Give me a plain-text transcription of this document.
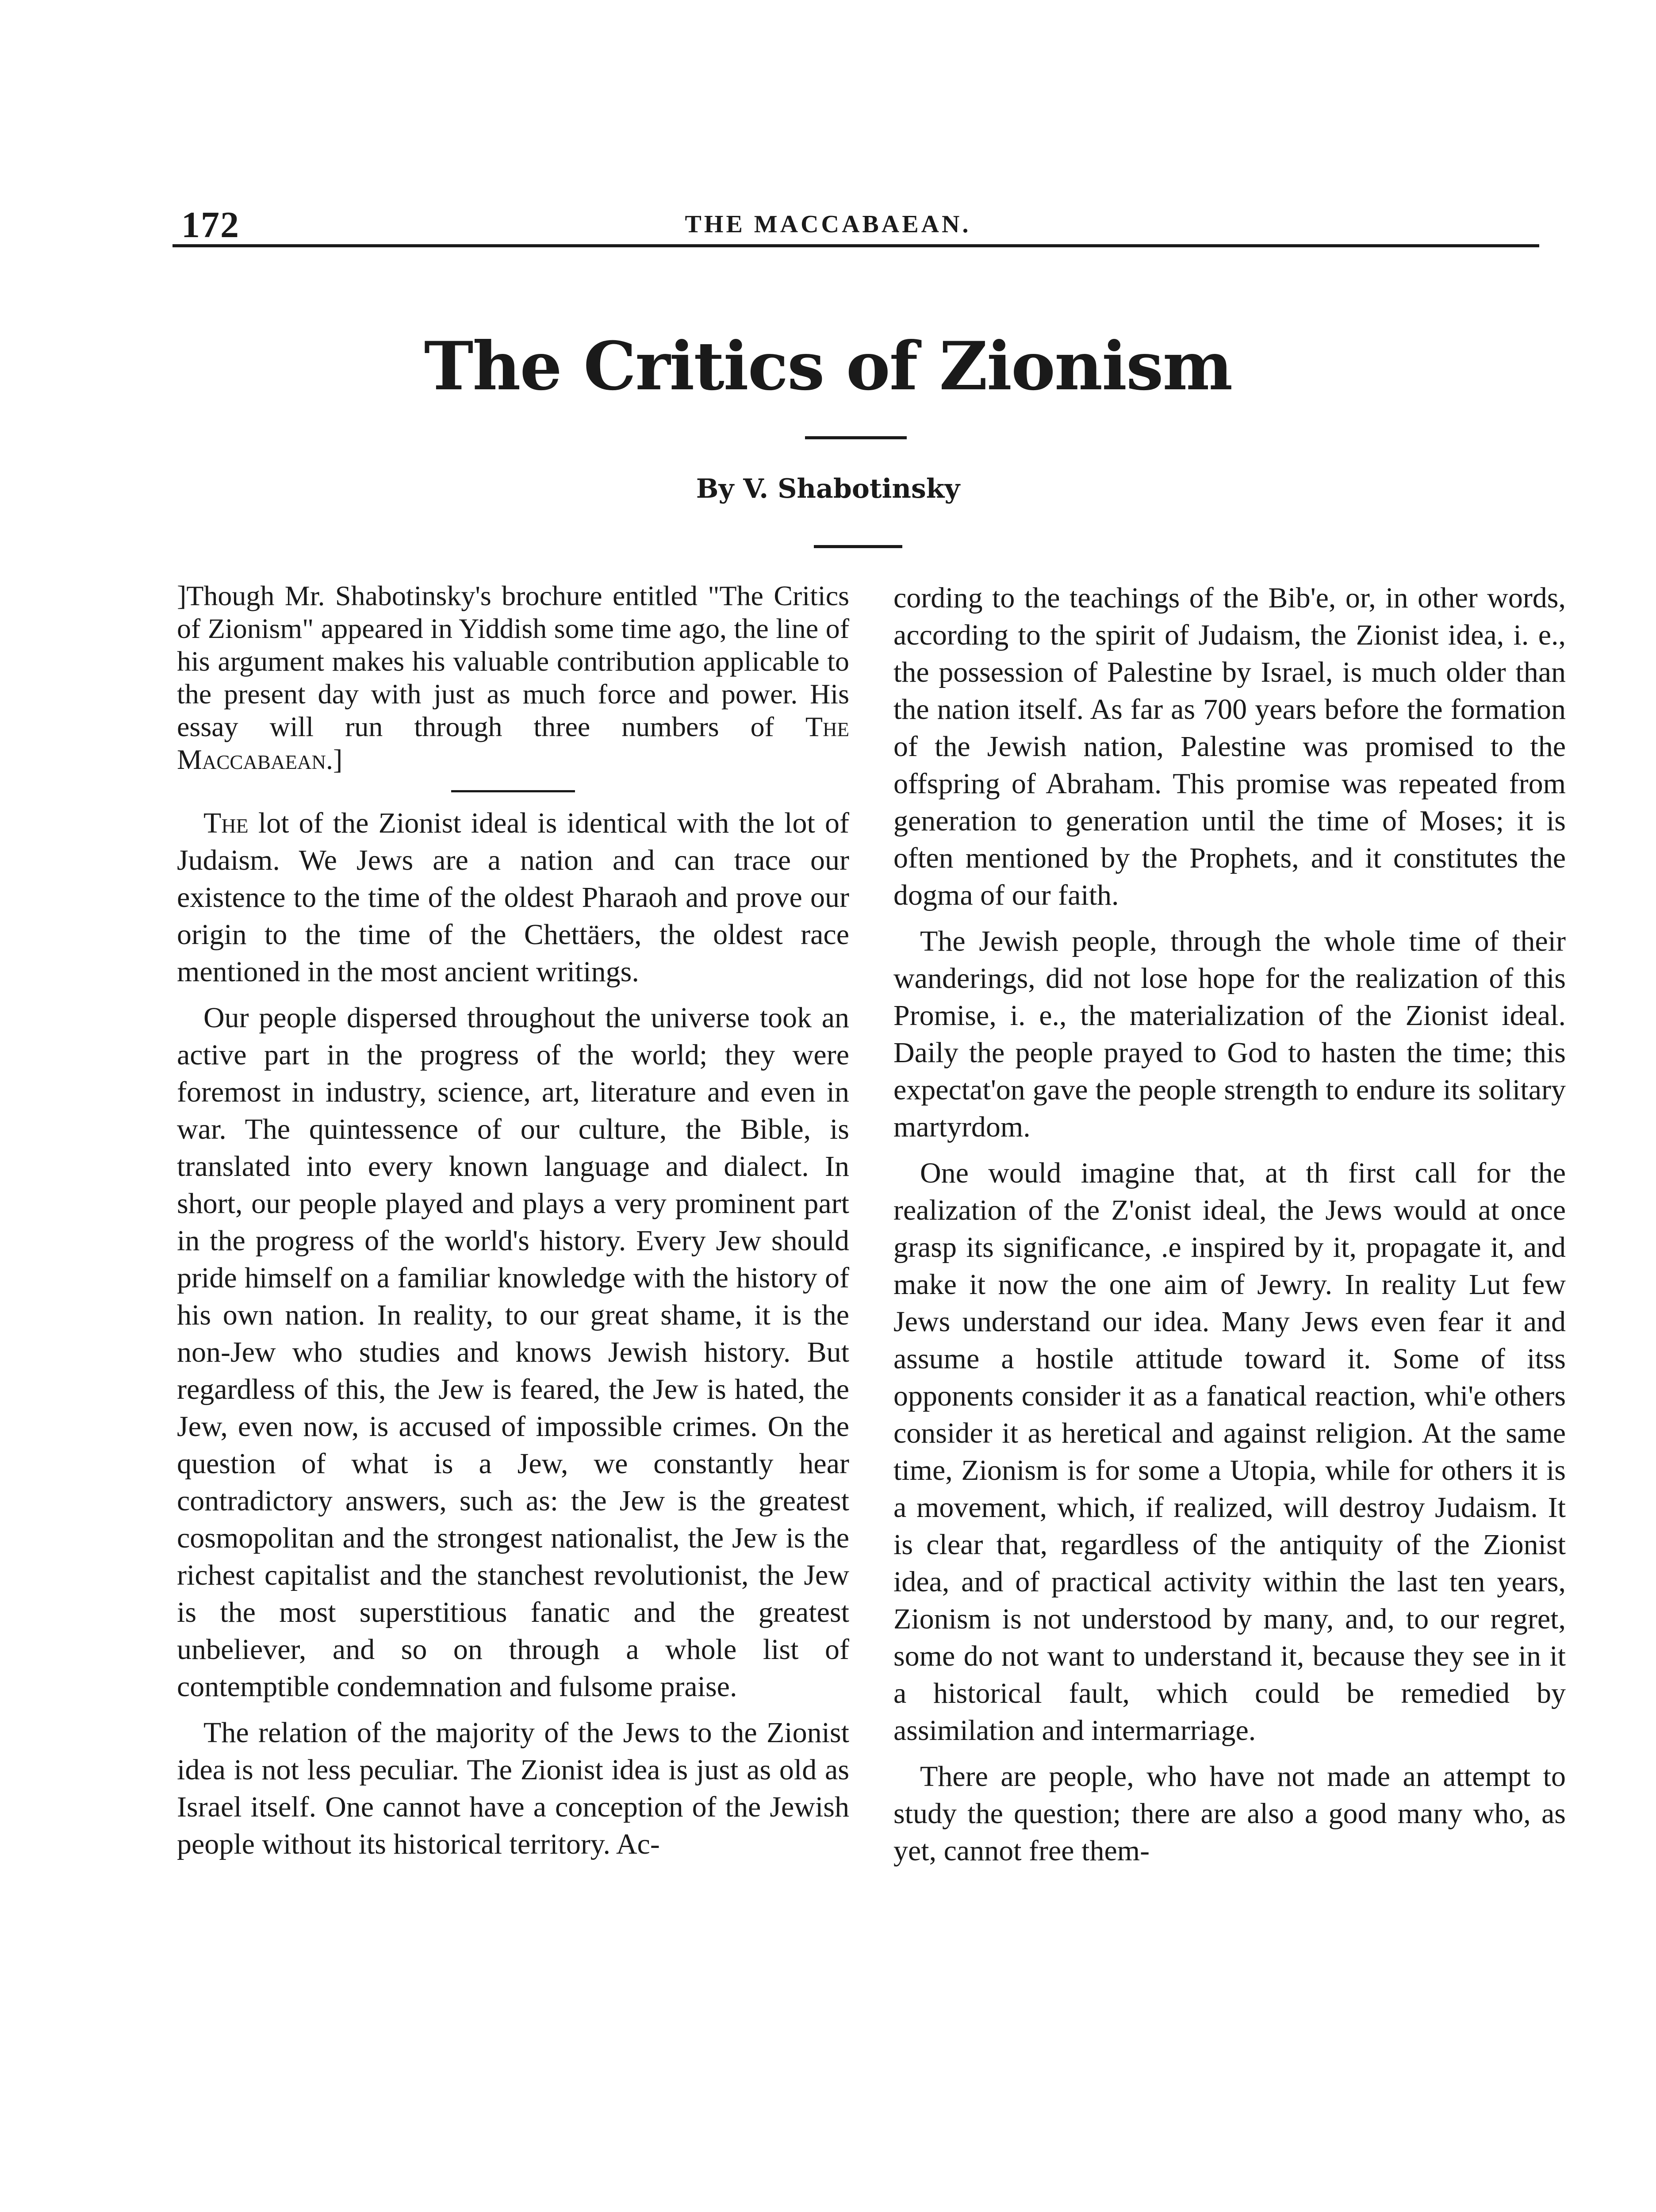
172	THE MACCABAEAN.
The Critics of Zionism
By V. Shabotinsky

]Though Mr. Shabotinsky's brochure entitled "The Critics of Zionism" appeared in Yiddish some time ago, the line of his argument makes his valuable contribution applicable to the present day with just as much force and power. His essay will run through three numbers of The Maccabaean.]

The lot of the Zionist ideal is identical with the lot of Judaism. We Jews are a nation and can trace our existence to the time of the oldest Pharaoh and prove our origin to the time of the Chettäers, the oldest race mentioned in the most ancient writings.

Our people dispersed throughout the universe took an active part in the progress of the world; they were foremost in industry, science, art, literature and even in war. The quintessence of our culture, the Bible, is translated into every known language and dialect. In short, our people played and plays a very prominent part in the progress of the world's history. Every Jew should pride himself on a familiar knowledge with the history of his own nation. In reality, to our great shame, it is the non-Jew who studies and knows Jewish history. But regardless of this, the Jew is feared, the Jew is hated, the Jew, even now, is accused of impossible crimes. On the question of what is a Jew, we constantly hear contradictory answers, such as: the Jew is the greatest cosmopolitan and the strongest nationalist, the Jew is the richest capitalist and the stanchest revolutionist, the Jew is the most superstitious fanatic and the greatest unbeliever, and so on through a whole list of contemptible condemnation and fulsome praise.

The relation of the majority of the Jews to the Zionist idea is not less peculiar. The Zionist idea is just as old as Israel itself. One cannot have a conception of the Jewish people without its historical territory. Ac-

cording to the teachings of the Bib'e, or, in other words, according to the spirit of Judaism, the Zionist idea, i. e., the possession of Palestine by Israel, is much older than the nation itself. As far as 700 years before the formation of the Jewish nation, Palestine was promised to the offspring of Abraham. This promise was repeated from generation to generation until the time of Moses; it is often mentioned by the Prophets, and it constitutes the dogma of our faith.

The Jewish people, through the whole time of their wanderings, did not lose hope for the realization of this Promise, i. e., the materialization of the Zionist ideal. Daily the people prayed to God to hasten the time; this expectat'on gave the people strength to endure its solitary martyrdom.

One would imagine that, at th first call for the realization of the Z'onist ideal, the Jews would at once grasp its significance, .e inspired by it, propagate it, and make it now the one aim of Jewry. In reality Lut few Jews understand our idea. Many Jews even fear it and assume a hostile attitude toward it. Some of itss opponents consider it as a fanatical reaction, whi'e others consider it as heretical and against religion. At the same time, Zionism is for some a Utopia, while for others it is a movement, which, if realized, will destroy Judaism. It is clear that, regardless of the antiquity of the Zionist idea, and of practical activity within the last ten years, Zionism is not understood by many, and, to our regret, some do not want to understand it, because they see in it a historical fault, which could be remedied by assimilation and intermarriage.

There are people, who have not made an attempt to study the question; there are also a good many who, as yet, cannot free them-
